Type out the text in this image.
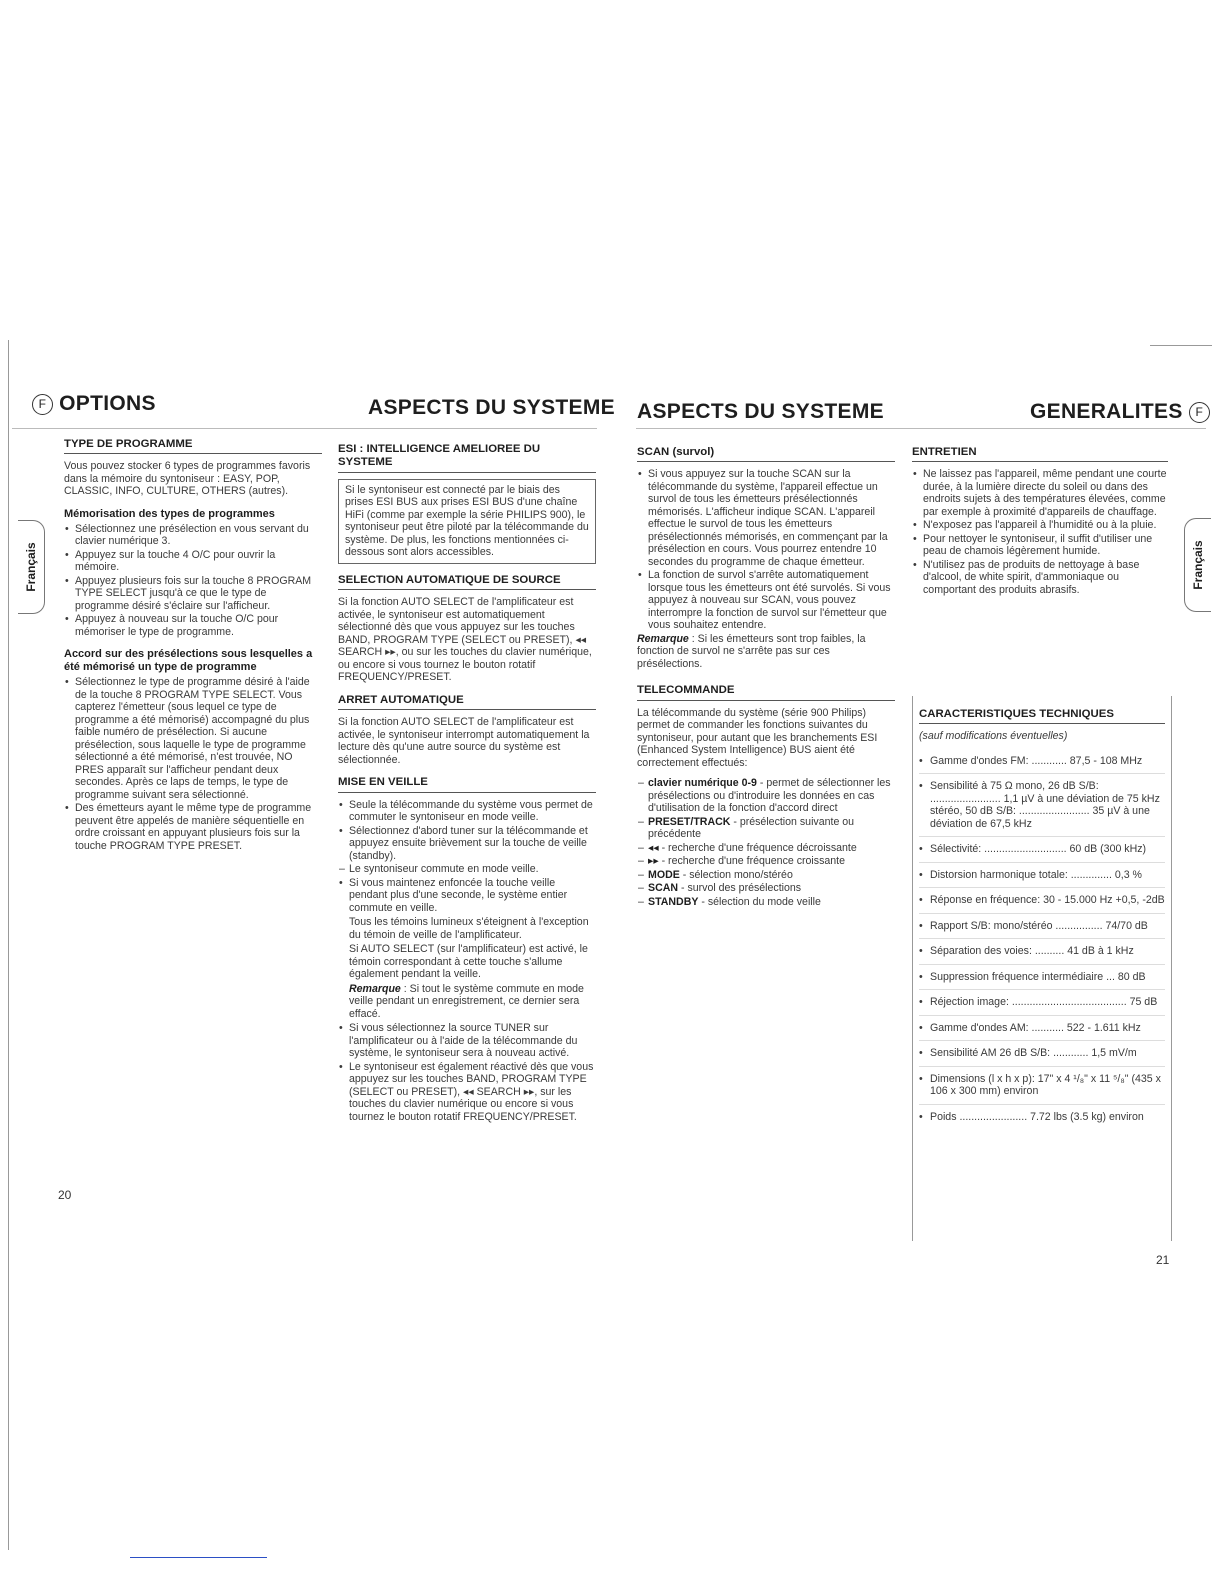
F OPTIONS	ASPECTS DU SYSTEME
Français
TYPE DE PROGRAMME

Vous pouvez stocker 6 types de programmes favoris dans la mémoire du syntoniseur : EASY, POP, CLASSIC, INFO, CULTURE, OTHERS (autres).

Mémorisation des types de programmes
• Sélectionnez une présélection en vous servant du clavier numérique 3.
• Appuyez sur la touche 4 O/C pour ouvrir la mémoire.
• Appuyez plusieurs fois sur la touche 8 PROGRAM TYPE SELECT jusqu'à ce que le type de programme désiré s'éclaire sur l'afficheur.
• Appuyez à nouveau sur la touche O/C pour mémoriser le type de programme.
Accord sur des présélections sous lesquelles a été mémorisé un type de programme
• Sélectionnez le type de programme désiré à l'aide de la touche 8 PROGRAM TYPE SELECT. Vous capterez l'émetteur (sous lequel ce type de programme a été mémorisé) accompagné du plus faible numéro de présélection. Si aucune présélection, sous laquelle le type de programme sélectionné a été mémorisé, n'est trouvée, NO PRES apparaît sur l'afficheur pendant deux secondes. Après ce laps de temps, le type de programme suivant sera sélectionné.
• Des émetteurs ayant le même type de programme peuvent être appelés de manière séquentielle en ordre croissant en appuyant plusieurs fois sur la touche PROGRAM TYPE PRESET.
ESI : INTELLIGENCE AMELIOREE DU SYSTEME
Si le syntoniseur est connecté par le biais des prises ESI BUS aux prises ESI BUS d'une chaîne HiFi (comme par exemple la série PHILIPS 900), le syntoniseur peut être piloté par la télécommande du système. De plus, les fonctions mentionnées ci-dessous sont alors accessibles.
SELECTION AUTOMATIQUE DE SOURCE

Si la fonction AUTO SELECT de l'amplificateur est activée, le syntoniseur est automatiquement sélectionné dès que vous appuyez sur les touches BAND, PROGRAM TYPE (SELECT ou PRESET), ◂◂ SEARCH ▸▸, ou sur les touches du clavier numérique, ou encore si vous tournez le bouton rotatif FREQUENCY/PRESET.

ARRET AUTOMATIQUE

Si la fonction AUTO SELECT de l'amplificateur est activée, le syntoniseur interrompt automatiquement la lecture dès qu'une autre source du système est sélectionnée.

MISE EN VEILLE
• Seule la télécommande du système vous permet de commuter le syntoniseur en mode veille.
• Sélectionnez d'abord tuner sur la télécommande et appuyez ensuite brièvement sur la touche de veille (standby).
– Le syntoniseur commute en mode veille.

• Si vous maintenez enfoncée la touche veille pendant plus d'une seconde, le système entier commute en veille.

Tous les témoins lumineux s'éteignent à l'exception du témoin de veille de l'amplificateur.

Si AUTO SELECT (sur l'amplificateur) est activé, le témoin correspondant à cette touche s'allume également pendant la veille.

Remarque : Si tout le système commute en mode veille pendant un enregistrement, ce dernier sera effacé.

• Si vous sélectionnez la source TUNER sur l'amplificateur ou à l'aide de la télécommande du système, le syntoniseur sera à nouveau activé.
• Le syntoniseur est également réactivé dès que vous appuyez sur les touches BAND, PROGRAM TYPE (SELECT ou PRESET), ◂◂ SEARCH ▸▸, sur les touches du clavier numérique ou encore si vous tournez le bouton rotatif FREQUENCY/PRESET.
20
ASPECTS DU SYSTEME	GENERALITES F
Français
SCAN (survol)
• Si vous appuyez sur la touche SCAN sur la télécommande du système, l'appareil effectue un survol de tous les émetteurs présélectionnés mémorisés. L'afficheur indique SCAN. L'appareil effectue le survol de tous les émetteurs présélectionnés mémorisés, en commençant par la présélection en cours. Vous pourrez entendre 10 secondes du programme de chaque émetteur.
• La fonction de survol s'arrête automatiquement lorsque tous les émetteurs ont été survolés. Si vous appuyez à nouveau sur SCAN, vous pouvez interrompre la fonction de survol sur l'émetteur que vous souhaitez entendre.

Remarque : Si les émetteurs sont trop faibles, la fonction de survol ne s'arrête pas sur ces présélections.

TELECOMMANDE

La télécommande du système (série 900 Philips) permet de commander les fonctions suivantes du syntoniseur, pour autant que les branchements ESI (Enhanced System Intelligence) BUS aient été correctement effectués:

– clavier numérique 0-9 - permet de sélectionner les présélections ou d'introduire les données en cas d'utilisation de la fonction d'accord direct
– PRESET/TRACK - présélection suivante ou précédente
– ◂◂ - recherche d'une fréquence décroissante
– ▸▸ - recherche d'une fréquence croissante
– MODE - sélection mono/stéréo
– SCAN - survol des présélections
– STANDBY - sélection du mode veille
ENTRETIEN
• Ne laissez pas l'appareil, même pendant une courte durée, à la lumière directe du soleil ou dans des endroits sujets à des températures élevées, comme par exemple à proximité d'appareils de chauffage.
• N'exposez pas l'appareil à l'humidité ou à la pluie.
• Pour nettoyer le syntoniseur, il suffit d'utiliser une peau de chamois légèrement humide.
• N'utilisez pas de produits de nettoyage à base d'alcool, de white spirit, d'ammoniaque ou comportant des produits abrasifs.
CARACTERISTIQUES TECHNIQUES

(sauf modifications éventuelles)

• Gamme d'ondes FM: ............ 87,5 - 108 MHz
• Sensibilité à 75 Ω mono, 26 dB S/B: ........................ 1,1 µV à une déviation de 75 kHz stéréo, 50 dB S/B: ........................ 35 µV à une déviation de 67,5 kHz
• Sélectivité: ............................ 60 dB (300 kHz)
• Distorsion harmonique totale: .............. 0,3 %
• Réponse en fréquence: 30 - 15.000 Hz +0,5, -2dB
• Rapport S/B: mono/stéréo ................ 74/70 dB
• Séparation des voies: .......... 41 dB à 1 kHz
• Suppression fréquence intermédiaire ... 80 dB
• Réjection image: ....................................... 75 dB
• Gamme d'ondes AM: ........... 522 - 1.611 kHz
• Sensibilité AM 26 dB S/B: ............ 1,5 mV/m
• Dimensions (l x h x p): 17" x 4 ¹/₈" x 11 ⁵/₈" (435 x 106 x 300 mm) environ
• Poids ....................... 7.72 lbs (3.5 kg) environ
21
